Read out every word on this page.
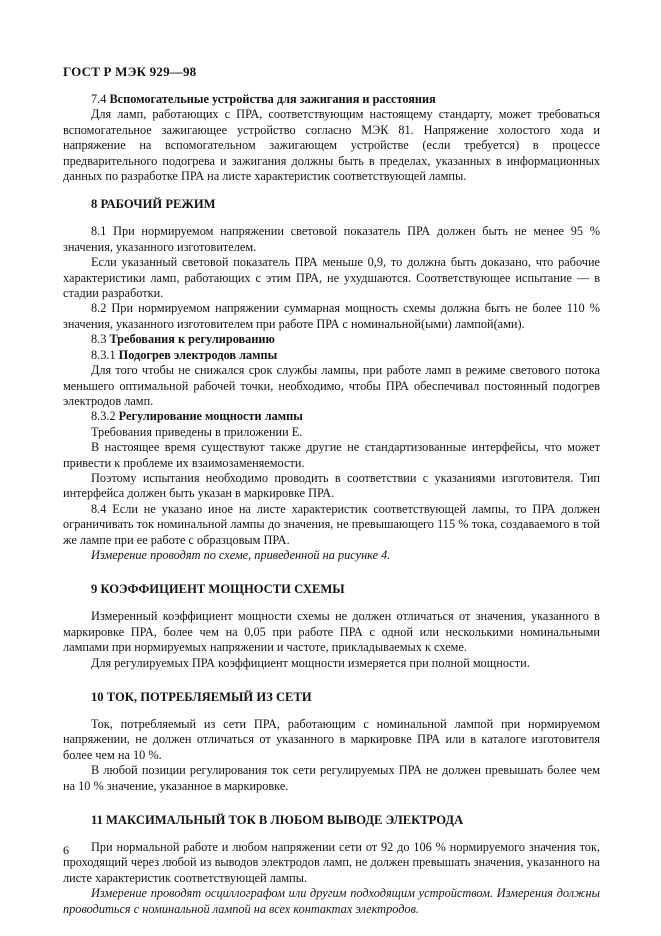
ГОСТ Р МЭК 929—98

7.4 Вспомогательные устройства для зажигания и расстояния

Для ламп, работающих с ПРА, соответствующим настоящему стандарту, может требоваться вспомогательное зажигающее устройство согласно МЭК 81. Напряжение холостого хода и напряжение на вспомогательном зажигающем устройстве (если требуется) в процессе предварительного подогрева и зажигания должны быть в пределах, указанных в информационных данных по разработке ПРА на листе характеристик соответствующей лампы.

8 РАБОЧИЙ РЕЖИМ

8.1 При нормируемом напряжении световой показатель ПРА должен быть не менее 95 % значения, указанного изготовителем.

Если указанный световой показатель ПРА меньше 0,9, то должна быть доказано, что рабочие характеристики ламп, работающих с этим ПРА, не ухудшаются. Соответствующее испытание — в стадии разработки.

8.2 При нормируемом напряжении суммарная мощность схемы должна быть не более 110 % значения, указанного изготовителем при работе ПРА с номинальной(ыми) лампой(ами).

8.3 Требования к регулированию

8.3.1 Подогрев электродов лампы

Для того чтобы не снижался срок службы лампы, при работе ламп в режиме светового потока меньшего оптимальной рабочей точки, необходимо, чтобы ПРА обеспечивал постоянный подогрев электродов ламп.

8.3.2 Регулирование мощности лампы

Требования приведены в приложении Е.

В настоящее время существуют также другие не стандартизованные интерфейсы, что может привести к проблеме их взаимозаменяемости.

Поэтому испытания необходимо проводить в соответствии с указаниями изготовителя. Тип интерфейса должен быть указан в маркировке ПРА.

8.4 Если не указано иное на листе характеристик соответствующей лампы, то ПРА должен ограничивать ток номинальной лампы до значения, не превышающего 115 % тока, создаваемого в той же лампе при ее работе с образцовым ПРА.

Измерение проводят по схеме, приведенной на рисунке 4.

9 КОЭФФИЦИЕНТ МОЩНОСТИ СХЕМЫ

Измеренный коэффициент мощности схемы не должен отличаться от значения, указанного в маркировке ПРА, более чем на 0,05 при работе ПРА с одной или несколькими номинальными лампами при нормируемых напряжении и частоте, прикладываемых к схеме.

Для регулируемых ПРА коэффициент мощности измеряется при полной мощности.

10 ТОК, ПОТРЕБЛЯЕМЫЙ ИЗ СЕТИ

Ток, потребляемый из сети ПРА, работающим с номинальной лампой при нормируемом напряжении, не должен отличаться от указанного в маркировке ПРА или в каталоге изготовителя более чем на 10 %.

В любой позиции регулирования ток сети регулируемых ПРА не должен превышать более чем на 10 % значение, указанное в маркировке.

11 МАКСИМАЛЬНЫЙ ТОК В ЛЮБОМ ВЫВОДЕ ЭЛЕКТРОДА

При нормальной работе и любом напряжении сети от 92 до 106 % нормируемого значения ток, проходящий через любой из выводов электродов ламп, не должен превышать значения, указанного на листе характеристик соответствующей лампы.

Измерение проводят осциллографом или другим подходящим устройством. Измерения должны проводиться с номинальной лампой на всех контактах электродов.

6
